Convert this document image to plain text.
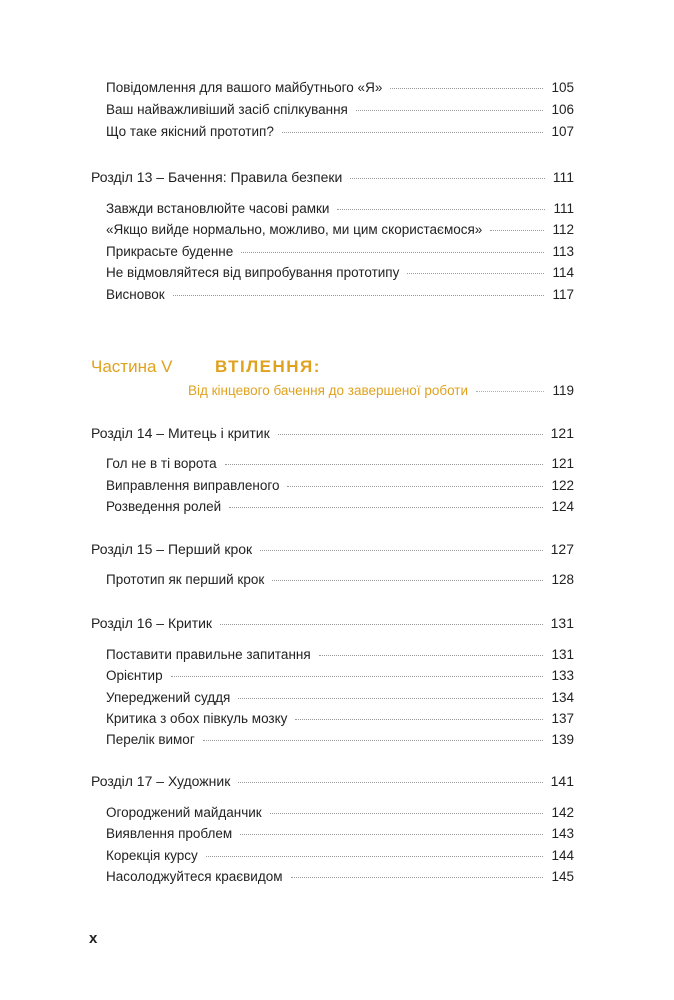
Повідомлення для вашого майбутнього «Я»	105
Ваш найважливіший засіб спілкування	106
Що таке якісний прототип?	107
Розділ 13 – Бачення: Правила безпеки	111
Завжди встановлюйте часові рамки	111
«Якщо вийде нормально, можливо, ми цим скористаємося»	112
Прикрасьте буденне	113
Не відмовляйтеся від випробування прототипу	114
Висновок	117
Частина V	ВТІЛЕННЯ:
Від кінцевого бачення до завершеної роботи	119
Розділ 14 – Митець і критик	121
Гол не в ті ворота	121
Виправлення виправленого	122
Розведення ролей	124
Розділ 15 – Перший крок	127
Прототип як перший крок	128
Розділ 16 – Критик	131
Поставити правильне запитання	131
Орієнтир	133
Упереджений суддя	134
Критика з обох півкуль мозку	137
Перелік вимог	139
Розділ 17 – Художник	141
Огороджений майданчик	142
Виявлення проблем	143
Корекція курсу	144
Насолоджуйтеся краєвидом	145
x
